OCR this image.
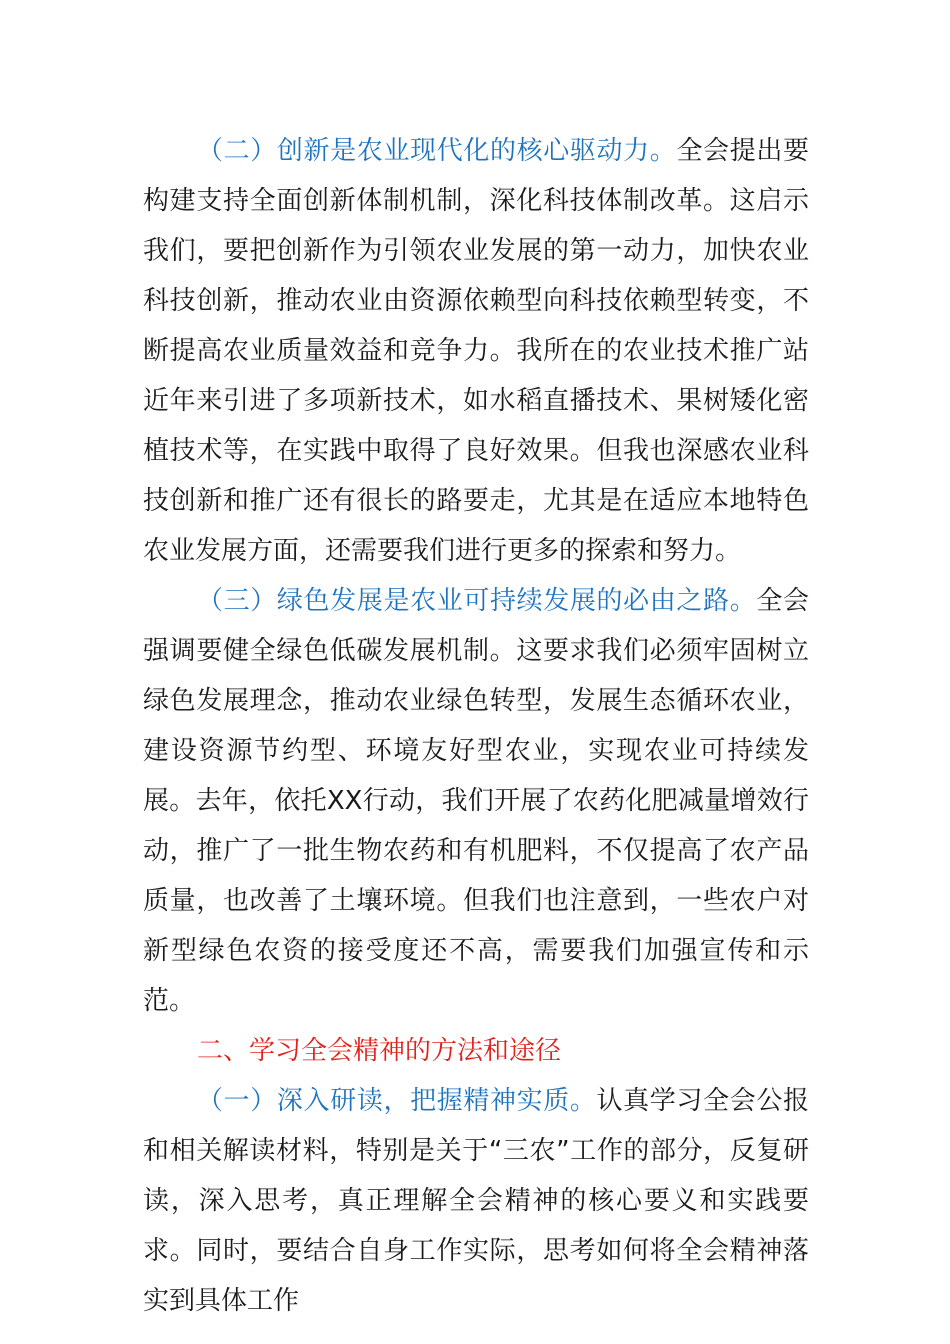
（二）创新是农业现代化的核心驱动力。全会提出要构建支持全面创新体制机制，深化科技体制改革。这启示我们，要把创新作为引领农业发展的第一动力，加快农业科技创新，推动农业由资源依赖型向科技依赖型转变，不断提高农业质量效益和竞争力。我所在的农业技术推广站近年来引进了多项新技术，如水稻直播技术、果树矮化密植技术等，在实践中取得了良好效果。但我也深感农业科技创新和推广还有很长的路要走，尤其是在适应本地特色农业发展方面，还需要我们进行更多的探索和努力。

（三）绿色发展是农业可持续发展的必由之路。全会强调要健全绿色低碳发展机制。这要求我们必须牢固树立绿色发展理念，推动农业绿色转型，发展生态循环农业，建设资源节约型、环境友好型农业，实现农业可持续发展。去年，依托XX行动，我们开展了农药化肥减量增效行动，推广了一批生物农药和有机肥料，不仅提高了农产品质量，也改善了土壤环境。但我们也注意到，一些农户对新型绿色农资的接受度还不高，需要我们加强宣传和示范。

二、学习全会精神的方法和途径

（一）深入研读，把握精神实质。认真学习全会公报和相关解读材料，特别是关于“三农”工作的部分，反复研读，深入思考，真正理解全会精神的核心要义和实践要求。同时，要结合自身工作实际，思考如何将全会精神落实到具体工作
